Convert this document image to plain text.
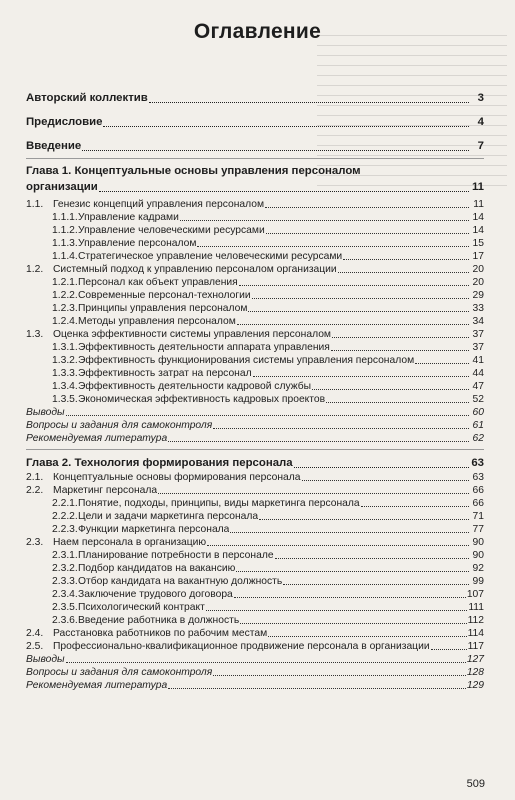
Оглавление
Авторский коллектив	3
Предисловие	4
Введение	7
Глава 1. Концептуальные основы управления персоналом
организации	11
1.1. Генезис концепций управления персоналом	11
1.1.1. Управление кадрами	14
1.1.2. Управление человеческими ресурсами	14
1.1.3. Управление персоналом	15
1.1.4. Стратегическое управление человеческими ресурсами	17
1.2. Системный подход к управлению персоналом организации	20
1.2.1. Персонал как объект управления	20
1.2.2. Современные персонал-технологии	29
1.2.3. Принципы управления персоналом	33
1.2.4. Методы управления персоналом	34
1.3. Оценка эффективности системы управления персоналом	37
1.3.1. Эффективность деятельности аппарата управления	37
1.3.2. Эффективность функционирования системы управления персоналом	41
1.3.3. Эффективность затрат на персонал	44
1.3.4. Эффективность деятельности кадровой службы	47
1.3.5. Экономическая эффективность кадровых проектов	52
Выводы	60
Вопросы и задания для самоконтроля	61
Рекомендуемая литература	62
Глава 2. Технология формирования персонала	63
2.1. Концептуальные основы формирования персонала	63
2.2. Маркетинг персонала	66
2.2.1. Понятие, подходы, принципы, виды маркетинга персонала	66
2.2.2. Цели и задачи маркетинга персонала	71
2.2.3. Функции маркетинга персонала	77
2.3. Наем персонала в организацию	90
2.3.1. Планирование потребности в персонале	90
2.3.2. Подбор кандидатов на вакансию	92
2.3.3. Отбор кандидата на вакантную должность	99
2.3.4. Заключение трудового договора	107
2.3.5. Психологический контракт	111
2.3.6. Введение работника в должность	112
2.4. Расстановка работников по рабочим местам	114
2.5. Профессионально-квалификационное продвижение персонала в организации	117
Выводы	127
Вопросы и задания для самоконтроля	128
Рекомендуемая литература	129
509
